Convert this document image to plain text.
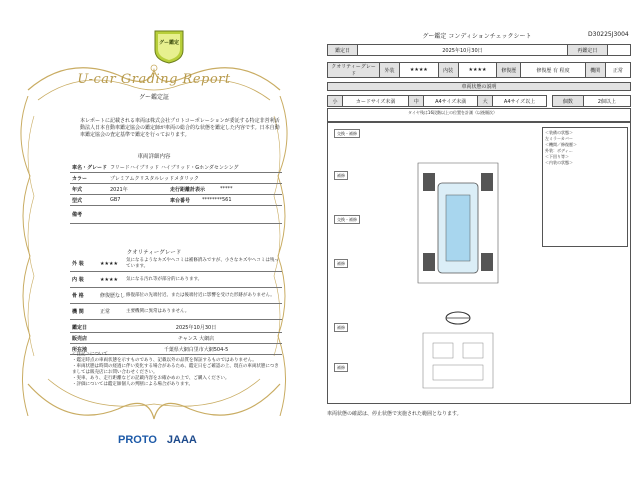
グー鑑定
U-car Grading Report
グー鑑定証
本レポートに記載される車両は株式会社プロトコーポレーションが委託する特定非営利活動法人日本自動車鑑定協会の鑑定師が車両の総合的な状態を鑑定した内容です。日本自動車鑑定協会の査定基準で鑑定を行っております。
車両詳細内容
車名・グレード フリードハイブリッド ハイブリッド・Gホンダセンシング
カラー	プレミアムクリスタルレッドメタリック
年式	2021年	走行距離計表示	*****
型式	GB7	車台番号	********561
備考
クオリティーグレード
外 装	★★★★	気になるようなキズやヘコミは補修済みですが、小さなキズやヘコミは残っています。
内 装	★★★★	気になる汚れ等が部分的にあります。
骨 格	修復歴なし 修復部位の先端付近、または後端付近に影響を受けた形跡がありません。
機 関	正常	主要機関に異常はありません。
鑑定日	2025年10月30日
販売店	チャンス 大網店
所在地	千葉県大網白里市大網504-5
＜注記＞について
・鑑定時点の車両状態を示すものであり、記載以外の品質を保証するものではありません。
・車両状態は時間の経過に伴い変化する場合があるため、鑑定日をご確認の上、現在の車両状態につきましては販売店にお問い合わせください。
・実車、あり、走行距離などの記載内容をお確かめの上で、ご購入ください。
・評価については鑑定師個人の判断による場合があります。
PROTO JAAA
グー鑑定 コンディションチェックシート	D30225J3004
鑑定日	2025年10月30日	再鑑定日	
クオリティーグレード	外装	★★★★	内装	★★★★	修復歴	修復歴 有 程度	機関	正常
車両状態の説明
小	カードサイズ未満	中	A4サイズ未満	大	A4サイズ以上	個数	2個以上
タイヤ残は16段階以上の位置を計測（以後順次）
交換・補修
補修
交換・補修
補修
補修
補修
＜装備の状態＞
左ミラーカバー
＜機関／修復歴＞
外装：ボディ…
＜下回り等＞
＜内装の状態＞
車両状態の確認は、停止状態で実施された範囲となります。
